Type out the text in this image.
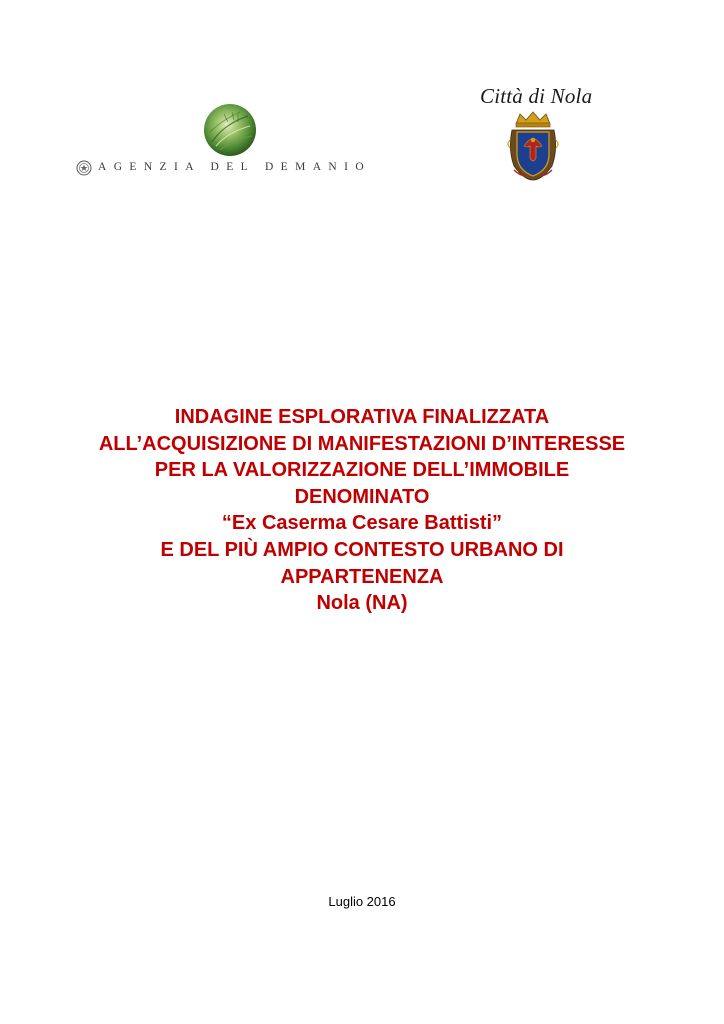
AGENZIA DEL DEMANIO
Città di Nola
INDAGINE ESPLORATIVA FINALIZZATA
ALL’ACQUISIZIONE DI MANIFESTAZIONI D’INTERESSE
PER LA VALORIZZAZIONE DELL’IMMOBILE
DENOMINATO
“Ex Caserma Cesare Battisti”
E DEL PIÙ AMPIO CONTESTO URBANO DI
APPARTENENZA
Nola (NA)
Luglio 2016
